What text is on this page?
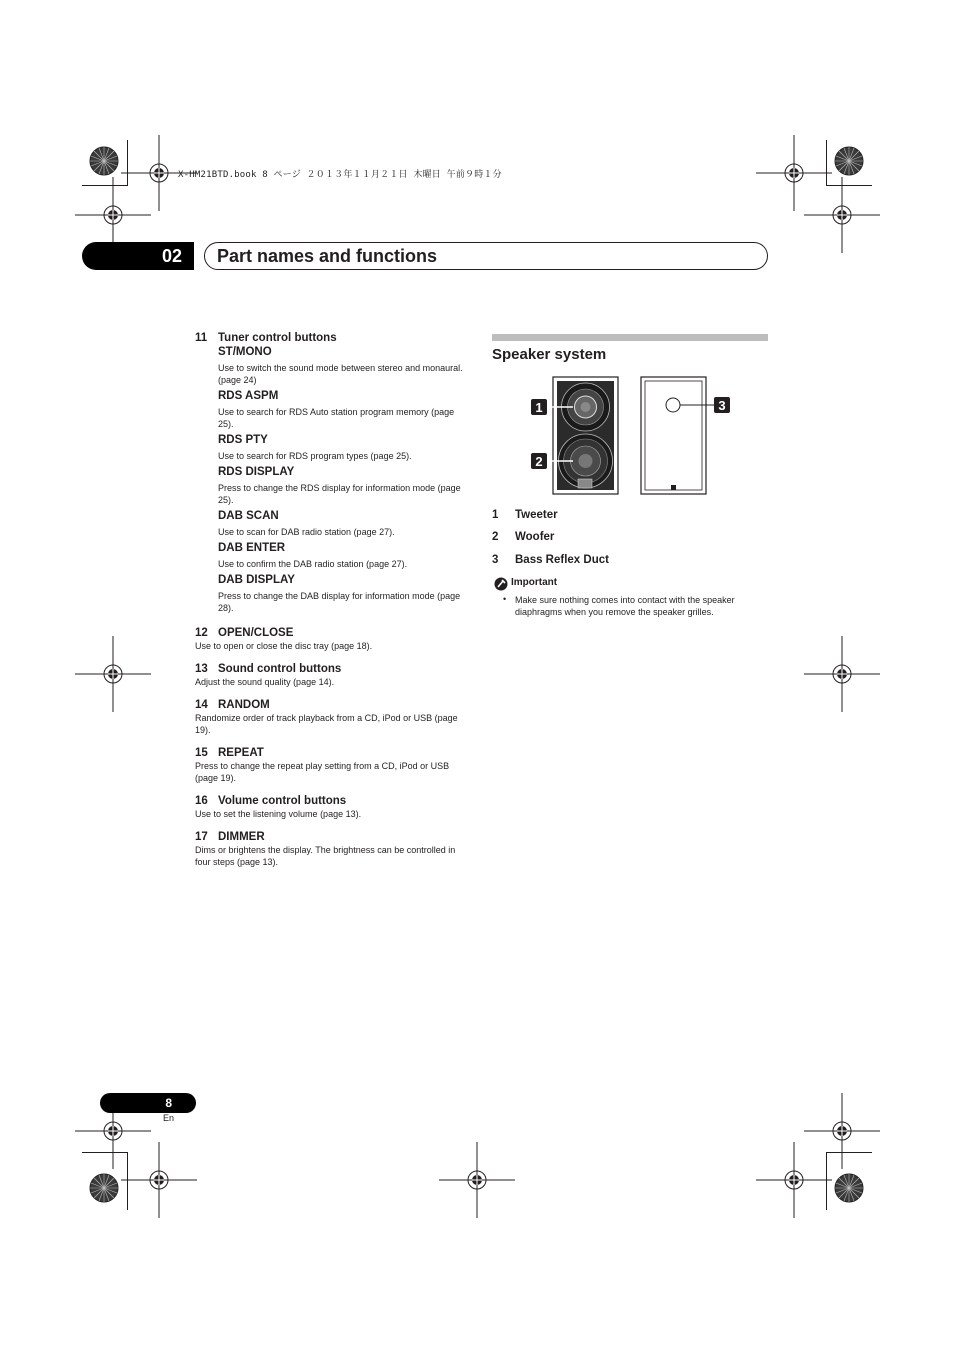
X-HM21BTD.book 8 ページ ２０１３年１１月２１日 木曜日 午前９時１分
02	Part names and functions
11 Tuner control buttons
ST/MONO
Use to switch the sound mode between stereo and monaural. (page 24)
RDS ASPM
Use to search for RDS Auto station program memory (page 25).
RDS PTY
Use to search for RDS program types (page 25).
RDS DISPLAY
Press to change the RDS display for information mode (page 25).
DAB SCAN
Use to scan for DAB radio station (page 27).
DAB ENTER
Use to confirm the DAB radio station (page 27).
DAB DISPLAY
Press to change the DAB display for information mode (page 28).
12 OPEN/CLOSE
Use to open or close the disc tray (page 18).
13 Sound control buttons
Adjust the sound quality (page 14).
14 RANDOM
Randomize order of track playback from a CD, iPod or USB (page 19).
15 REPEAT
Press to change the repeat play setting from a CD, iPod or USB (page 19).
16 Volume control buttons
Use to set the listening volume (page 13).
17 DIMMER
Dims or brightens the display. The brightness can be controlled in four steps (page 13).
Speaker system
1
2
3
1 Tweeter
2 Woofer
3 Bass Reflex Duct
Important
• Make sure nothing comes into contact with the speaker diaphragms when you remove the speaker grilles.
8
En
